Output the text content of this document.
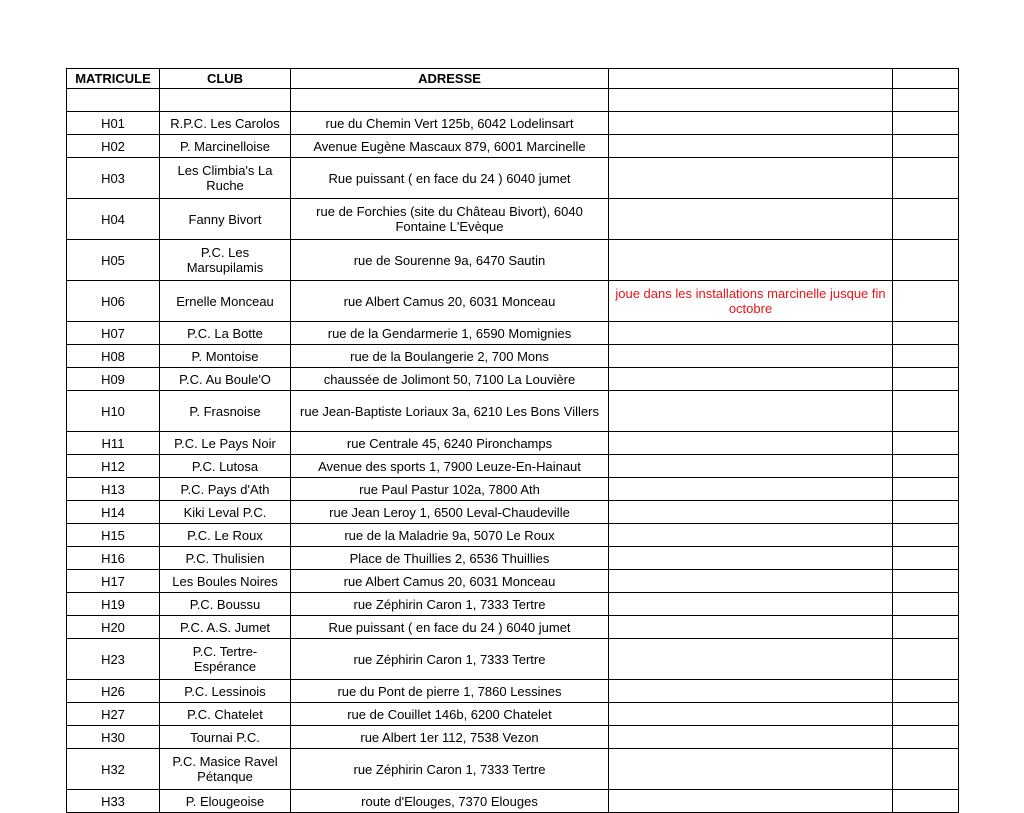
MATRICULE	CLUB	ADRESSE		

H01	R.P.C. Les Carolos	rue du Chemin Vert 125b, 6042 Lodelinsart		
H02	P. Marcinelloise	Avenue Eugène Mascaux 879, 6001 Marcinelle		
H03	Les Climbia's La Ruche	Rue puissant ( en face du 24 ) 6040 jumet		
H04	Fanny Bivort	rue de Forchies (site du Château Bivort), 6040 Fontaine L'Evèque		
H05	P.C. Les Marsupilamis	rue de Sourenne 9a, 6470 Sautin		
H06	Ernelle Monceau	rue Albert Camus 20, 6031 Monceau	joue dans les installations marcinelle jusque fin octobre	
H07	P.C. La Botte	rue de la Gendarmerie 1, 6590 Momignies		
H08	P. Montoise	rue de la Boulangerie 2, 700 Mons		
H09	P.C. Au Boule'O	chaussée de Jolimont 50, 7100 La Louvière		
H10	P. Frasnoise	rue Jean-Baptiste Loriaux 3a, 6210 Les Bons Villers		
H11	P.C. Le Pays Noir	rue Centrale 45, 6240 Pironchamps		
H12	P.C. Lutosa	Avenue des sports 1, 7900 Leuze-En-Hainaut		
H13	P.C. Pays d'Ath	rue Paul Pastur 102a, 7800 Ath		
H14	Kiki Leval P.C.	rue Jean Leroy 1, 6500 Leval-Chaudeville		
H15	P.C. Le Roux	rue de la Maladrie 9a, 5070 Le Roux		
H16	P.C. Thulisien	Place de Thuillies 2, 6536 Thuillies		
H17	Les Boules Noires	rue Albert Camus 20, 6031 Monceau		
H19	P.C. Boussu	rue Zéphirin Caron 1, 7333 Tertre		
H20	P.C. A.S. Jumet	Rue puissant ( en face du 24 ) 6040 jumet		
H23	P.C. Tertre-Espérance	rue Zéphirin Caron 1, 7333 Tertre		
H26	P.C. Lessinois	rue du Pont de pierre 1, 7860 Lessines		
H27	P.C. Chatelet	rue de Couillet 146b, 6200 Chatelet		
H30	Tournai P.C.	rue Albert 1er 112, 7538 Vezon		
H32	P.C. Masice Ravel Pétanque	rue Zéphirin Caron 1, 7333 Tertre		
H33	P. Elougeoise	route d'Elouges, 7370 Elouges		
